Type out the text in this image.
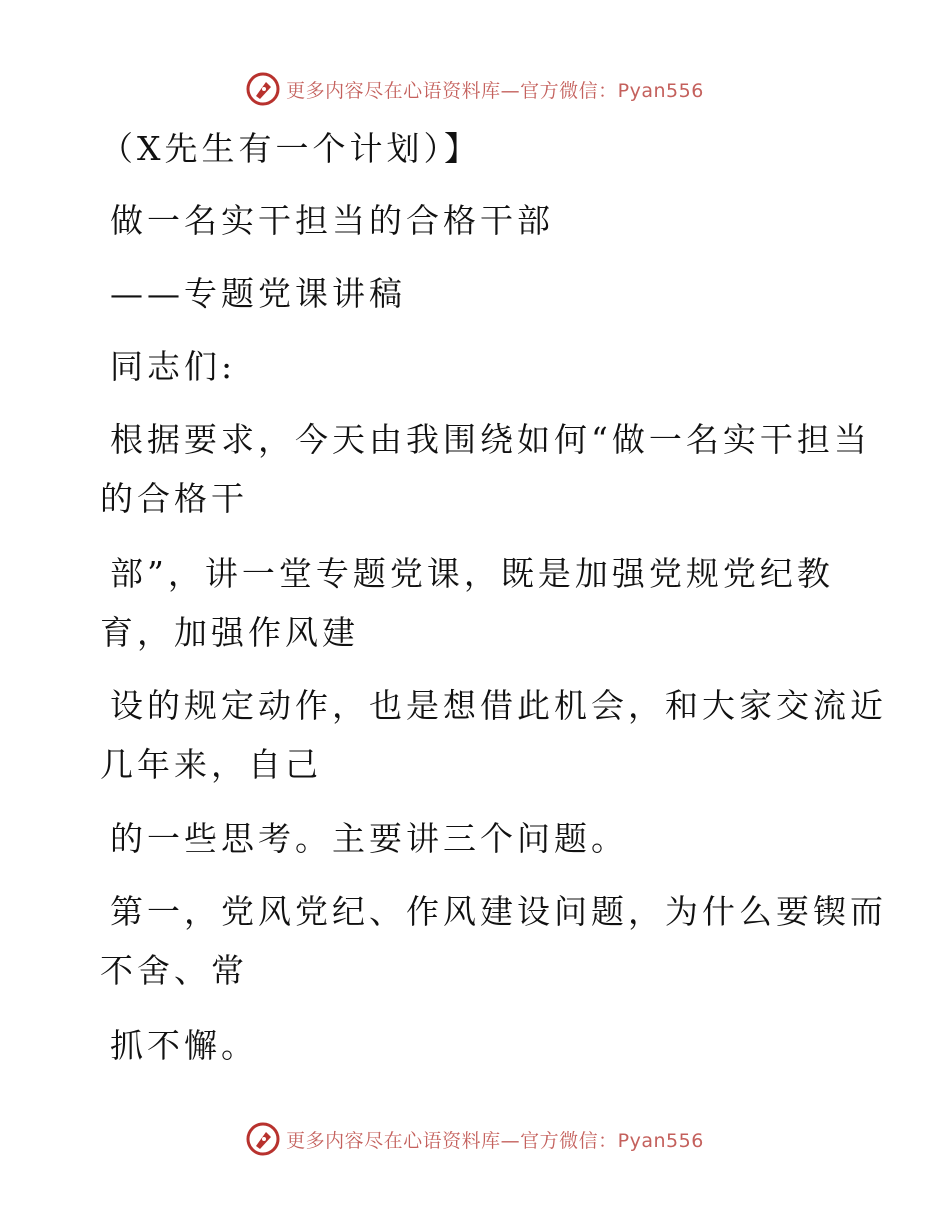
更多内容尽在心语资料库—官方微信：Pyan556

（X先生有一个计划）】

做一名实干担当的合格干部

——专题党课讲稿

同志们:

根据要求，今天由我围绕如何“做一名实干担当

的合格干

部”，讲一堂专题党课，既是加强党规党纪教

育，加强作风建

设的规定动作，也是想借此机会，和大家交流近

几年来，自己

的一些思考。主要讲三个问题。

第一，党风党纪、作风建设问题，为什么要锲而

不舍、常

抓不懈。

更多内容尽在心语资料库—官方微信：Pyan556
